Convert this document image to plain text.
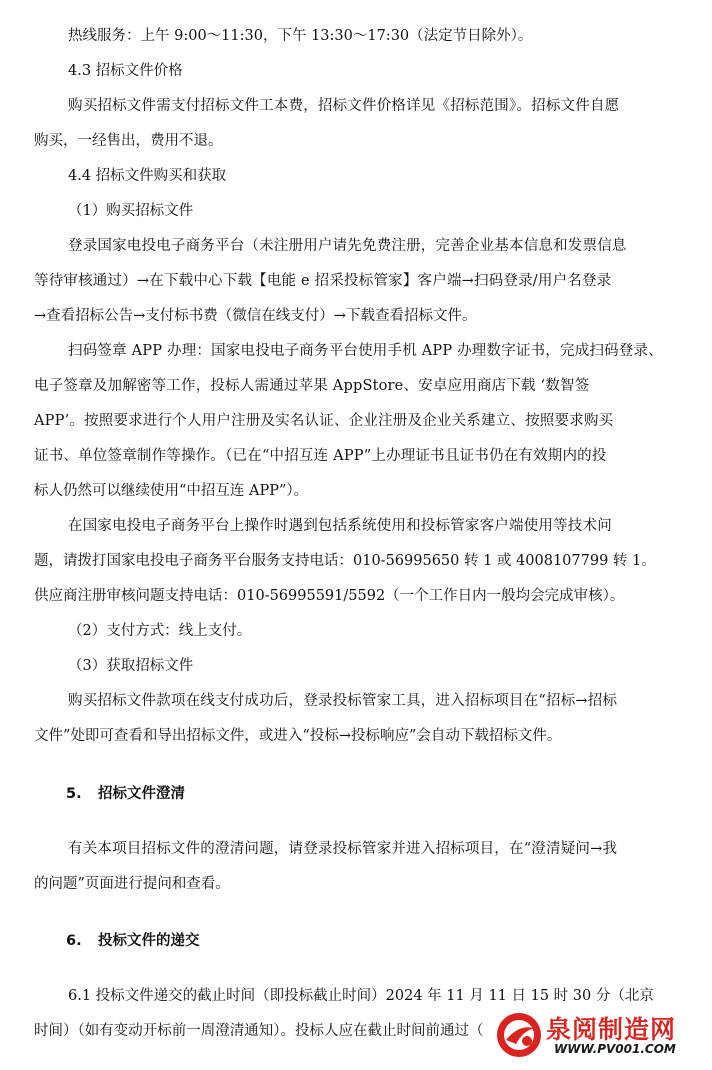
热线服务：上午 9:00～11:30，下午 13:30～17:30（法定节日除外）。
4.3 招标文件价格
购买招标文件需支付招标文件工本费，招标文件价格详见《招标范围》。招标文件自愿
购买，一经售出，费用不退。
4.4 招标文件购买和获取
（1）购买招标文件
登录国家电投电子商务平台（未注册用户请先免费注册，完善企业基本信息和发票信息
等待审核通过）→在下载中心下载【电能 e 招采投标管家】客户端→扫码登录/用户名登录
→查看招标公告→支付标书费（微信在线支付）→下载查看招标文件。
扫码签章 APP 办理：国家电投电子商务平台使用手机 APP 办理数字证书，完成扫码登录、
电子签章及加解密等工作，投标人需通过苹果 AppStore、安卓应用商店下载 ‘数智签
APP’。按照要求进行个人用户注册及实名认证、企业注册及企业关系建立、按照要求购买
证书、单位签章制作等操作。（已在“中招互连 APP”上办理证书且证书仍在有效期内的投
标人仍然可以继续使用“中招互连 APP”）。
在国家电投电子商务平台上操作时遇到包括系统使用和投标管家客户端使用等技术问
题，请拨打国家电投电子商务平台服务支持电话：010-56995650 转 1 或 4008107799 转 1。
供应商注册审核问题支持电话：010-56995591/5592（一个工作日内一般均会完成审核）。
（2）支付方式：线上支付。
（3）获取招标文件
购买招标文件款项在线支付成功后，登录投标管家工具，进入招标项目在“招标→招标
文件”处即可查看和导出招标文件，或进入“投标→投标响应”会自动下载招标文件。
5. 招标文件澄清
有关本项目招标文件的澄清问题，请登录投标管家并进入招标项目，在“澄清疑问→我
的问题”页面进行提问和查看。
6. 投标文件的递交
6.1 投标文件递交的截止时间（即投标截止时间）2024 年 11 月 11 日 15 时 30 分（北京
时间）（如有变动开标前一周澄清通知）。投标人应在截止时间前通过（	泉阅制造网
WWW.PV001.COM
